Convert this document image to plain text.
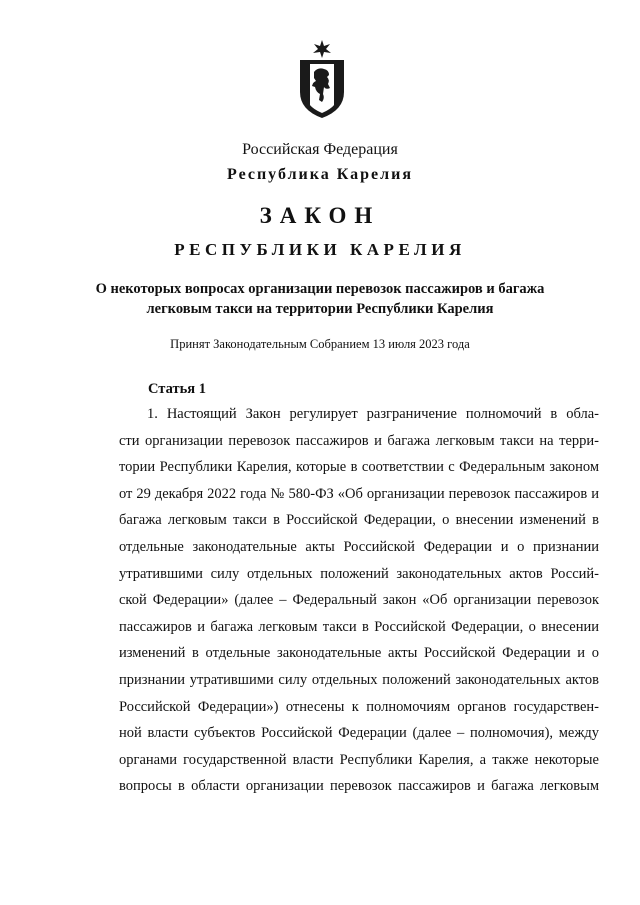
Российская Федерация
Республика Карелия
ЗАКОН
РЕСПУБЛИКИ КАРЕЛИЯ
О некоторых вопросах организации перевозок пассажиров и багажа
легковым такси на территории Республики Карелия
Принят Законодательным Собранием 13 июля 2023 года
Статья 1
1. Настоящий Закон регулирует разграничение полномочий в обла-
сти организации перевозок пассажиров и багажа легковым такси на терри-
тории Республики Карелия, которые в соответствии с Федеральным законом
от 29 декабря 2022 года № 580-ФЗ «Об организации перевозок пассажиров и
багажа легковым такси в Российской Федерации, о внесении изменений в
отдельные законодательные акты Российской Федерации и о признании
утратившими силу отдельных положений законодательных актов Россий-
ской Федерации» (далее – Федеральный закон «Об организации перевозок
пассажиров и багажа легковым такси в Российской Федерации, о внесении
изменений в отдельные законодательные акты Российской Федерации и о
признании утратившими силу отдельных положений законодательных актов
Российской Федерации») отнесены к полномочиям органов государствен-
ной власти субъектов Российской Федерации (далее – полномочия), между
органами государственной власти Республики Карелия, а также некоторые
вопросы в области организации перевозок пассажиров и багажа легковым
